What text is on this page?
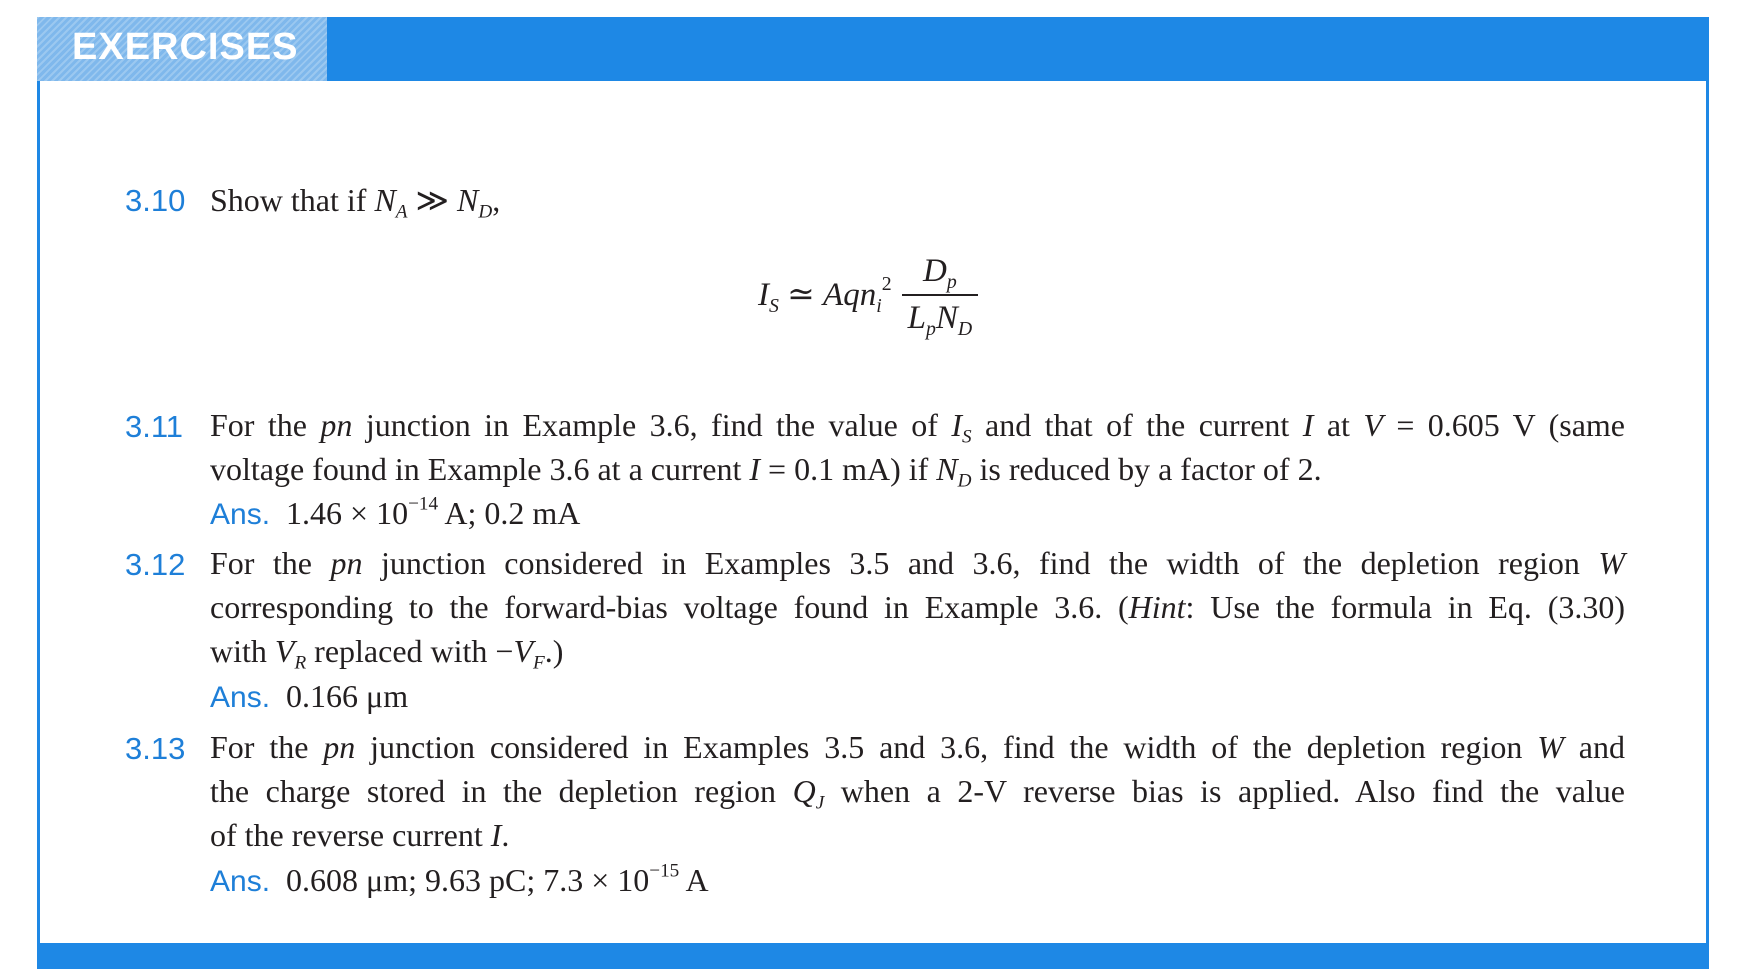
EXERCISES
3.10 Show that if $N_A$ ≫ $N_D$,
$I_S$ ≃ $Aqn_i^2 \frac{D_p}{L_pN_D}$
3.11 For the pn junction in Example 3.6, find the value of $I_S$ and that of the current I at V = 0.605 V (same
voltage found in Example 3.6 at a current I = 0.1 mA) if $N_D$ is reduced by a factor of 2.
Ans. $1.46 \times 10^{-14}$ A; 0.2 mA
3.12 For the pn junction considered in Examples 3.5 and 3.6, find the width of the depletion region W
corresponding to the forward-bias voltage found in Example 3.6. (Hint: Use the formula in Eq. (3.30)
with $V_R$ replaced with $-V_F$.)
Ans. 0.166 μm
3.13 For the pn junction considered in Examples 3.5 and 3.6, find the width of the depletion region W and
the charge stored in the depletion region $Q_J$ when a 2-V reverse bias is applied. Also find the value
of the reverse current I.
Ans. 0.608 μm; 9.63 pC; $7.3 \times 10^{-15}$ A
